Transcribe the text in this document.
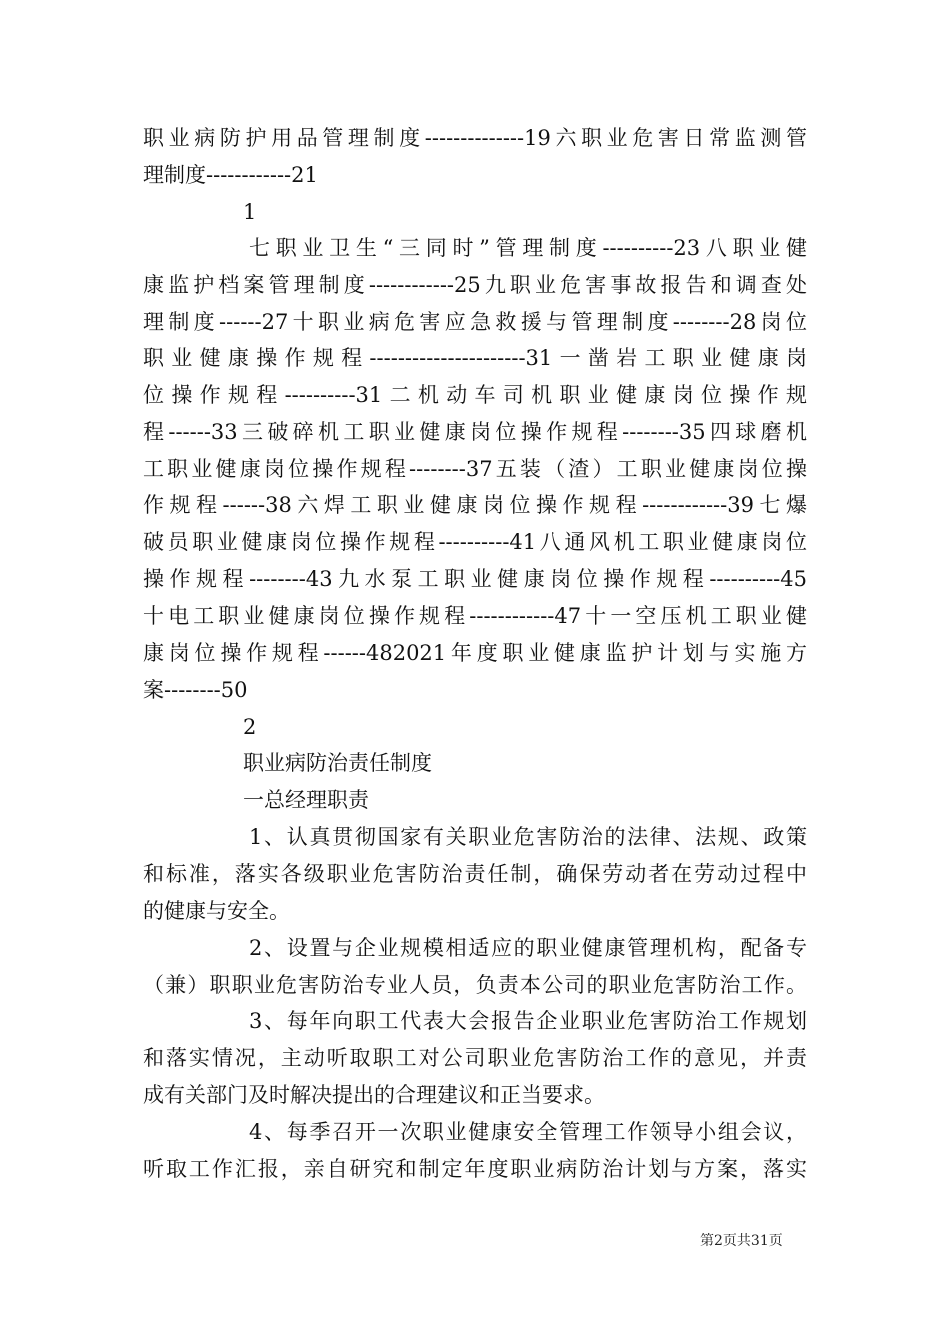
职业病防护用品管理制度--------------19六职业危害日常监测管
理制度------------21
1
七职业卫生“三同时”管理制度----------23八职业健
康监护档案管理制度------------25九职业危害事故报告和调查处
理制度------27十职业病危害应急救援与管理制度--------28岗位
职业健康操作规程----------------------31一凿岩工职业健康岗
位操作规程----------31二机动车司机职业健康岗位操作规
程------33三破碎机工职业健康岗位操作规程--------35四球磨机
工职业健康岗位操作规程--------37五装（渣）工职业健康岗位操
作规程------38六焊工职业健康岗位操作规程------------39七爆
破员职业健康岗位操作规程----------41八通风机工职业健康岗位
操作规程--------43九水泵工职业健康岗位操作规程----------45
十电工职业健康岗位操作规程------------47十一空压机工职业健
康岗位操作规程------482021年度职业健康监护计划与实施方
案--------50
2
职业病防治责任制度
一总经理职责
1、认真贯彻国家有关职业危害防治的法律、法规、政策
和标准，落实各级职业危害防治责任制，确保劳动者在劳动过程中
的健康与安全。
2、设置与企业规模相适应的职业健康管理机构，配备专
（兼）职职业危害防治专业人员，负责本公司的职业危害防治工作。
3、每年向职工代表大会报告企业职业危害防治工作规划
和落实情况，主动听取职工对公司职业危害防治工作的意见，并责
成有关部门及时解决提出的合理建议和正当要求。
4、每季召开一次职业健康安全管理工作领导小组会议，
听取工作汇报，亲自研究和制定年度职业病防治计划与方案，落实
第2页共31页
